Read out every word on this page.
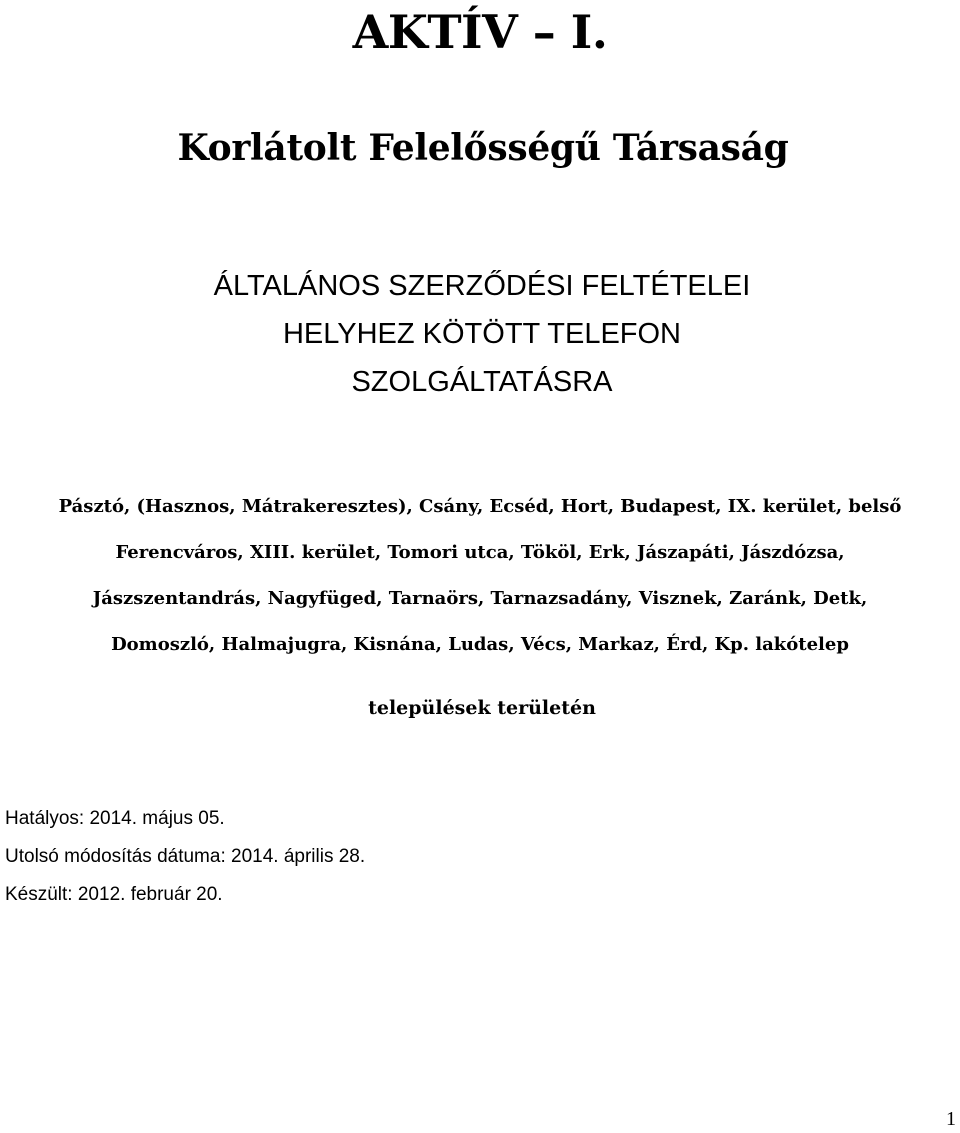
AKTÍV – I.
Korlátolt Felelősségű Társaság
ÁLTALÁNOS SZERZŐDÉSI FELTÉTELEI
HELYHEZ KÖTÖTT TELEFON
SZOLGÁLTATÁSRA
Pásztó, (Hasznos, Mátrakeresztes), Csány, Ecséd, Hort, Budapest, IX. kerület, belső
Ferencváros, XIII. kerület, Tomori utca, Tököl, Erk, Jászapáti, Jászdózsa,
Jászszentandrás, Nagyfüged, Tarnaörs, Tarnazsadány, Visznek, Zaránk, Detk,
Domoszló, Halmajugra, Kisnána, Ludas, Vécs, Markaz, Érd, Kp. lakótelep
települések területén
Hatályos: 2014. május 05.
Utolsó módosítás dátuma: 2014. április 28.
Készült: 2012. február 20.
1
